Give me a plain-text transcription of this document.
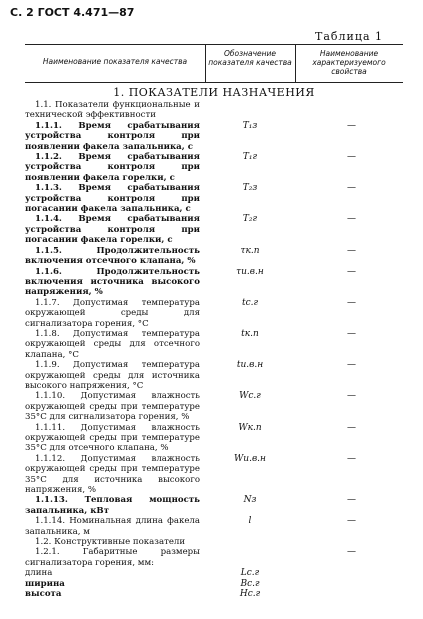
С. 2 ГОСТ 4.471—87
Таблица 1
Наименование показателя качества
Обозначение показателя качества
Наименование характеризуемого свойства
1. ПОКАЗАТЕЛИ НАЗНАЧЕНИЯ
1.1. Показатели функциональные и технической эффективности
1.1.1. Время срабатывания устройства контроля при появлении факела запальника, с
T₁з	—
1.1.2. Время срабатывания устройства контроля при появлении факела горелки, с
T₁г	—
1.1.3. Время срабатывания устройства контроля при погасании факела запальника, с
T₂з	—
1.1.4. Время срабатывания устройства контроля при погасании факела горелки, с
T₂г	—
1.1.5. Продолжительность включения отсечного клапана, %
τк.п	—
1.1.6. Продолжительность включения источника высокого напряжения, %
τи.в.н	—
1.1.7. Допустимая температура окружающей среды для сигнализатора горения, °С
tс.г	—
1.1.8. Допустимая температура окружающей среды для отсечного клапана, °С
tк.п	—
1.1.9. Допустимая температура окружающей среды для источника высокого напряжения, °С
tи.в.н	—
1.1.10. Допустимая влажность окружающей среды при температуре 35°С для сигнализатора горения, %
Wс.г	—
1.1.11. Допустимая влажность окружающей среды при температуре 35°С для отсечного клапана, %
Wк.п	—
1.1.12. Допустимая влажность окружающей среды при температуре 35°С для источника высокого напряжения, %
Wи.в.н	—
1.1.13. Тепловая мощность запальника, кВт
Nз	—
1.1.14. Номинальная длина факела запальника, м
l	—
1.2. Конструктивные показатели
1.2.1. Габаритные размеры сигнализатора горения, мм:
—
длина	Lс.г
ширина	Bс.г
высота	Hс.г
